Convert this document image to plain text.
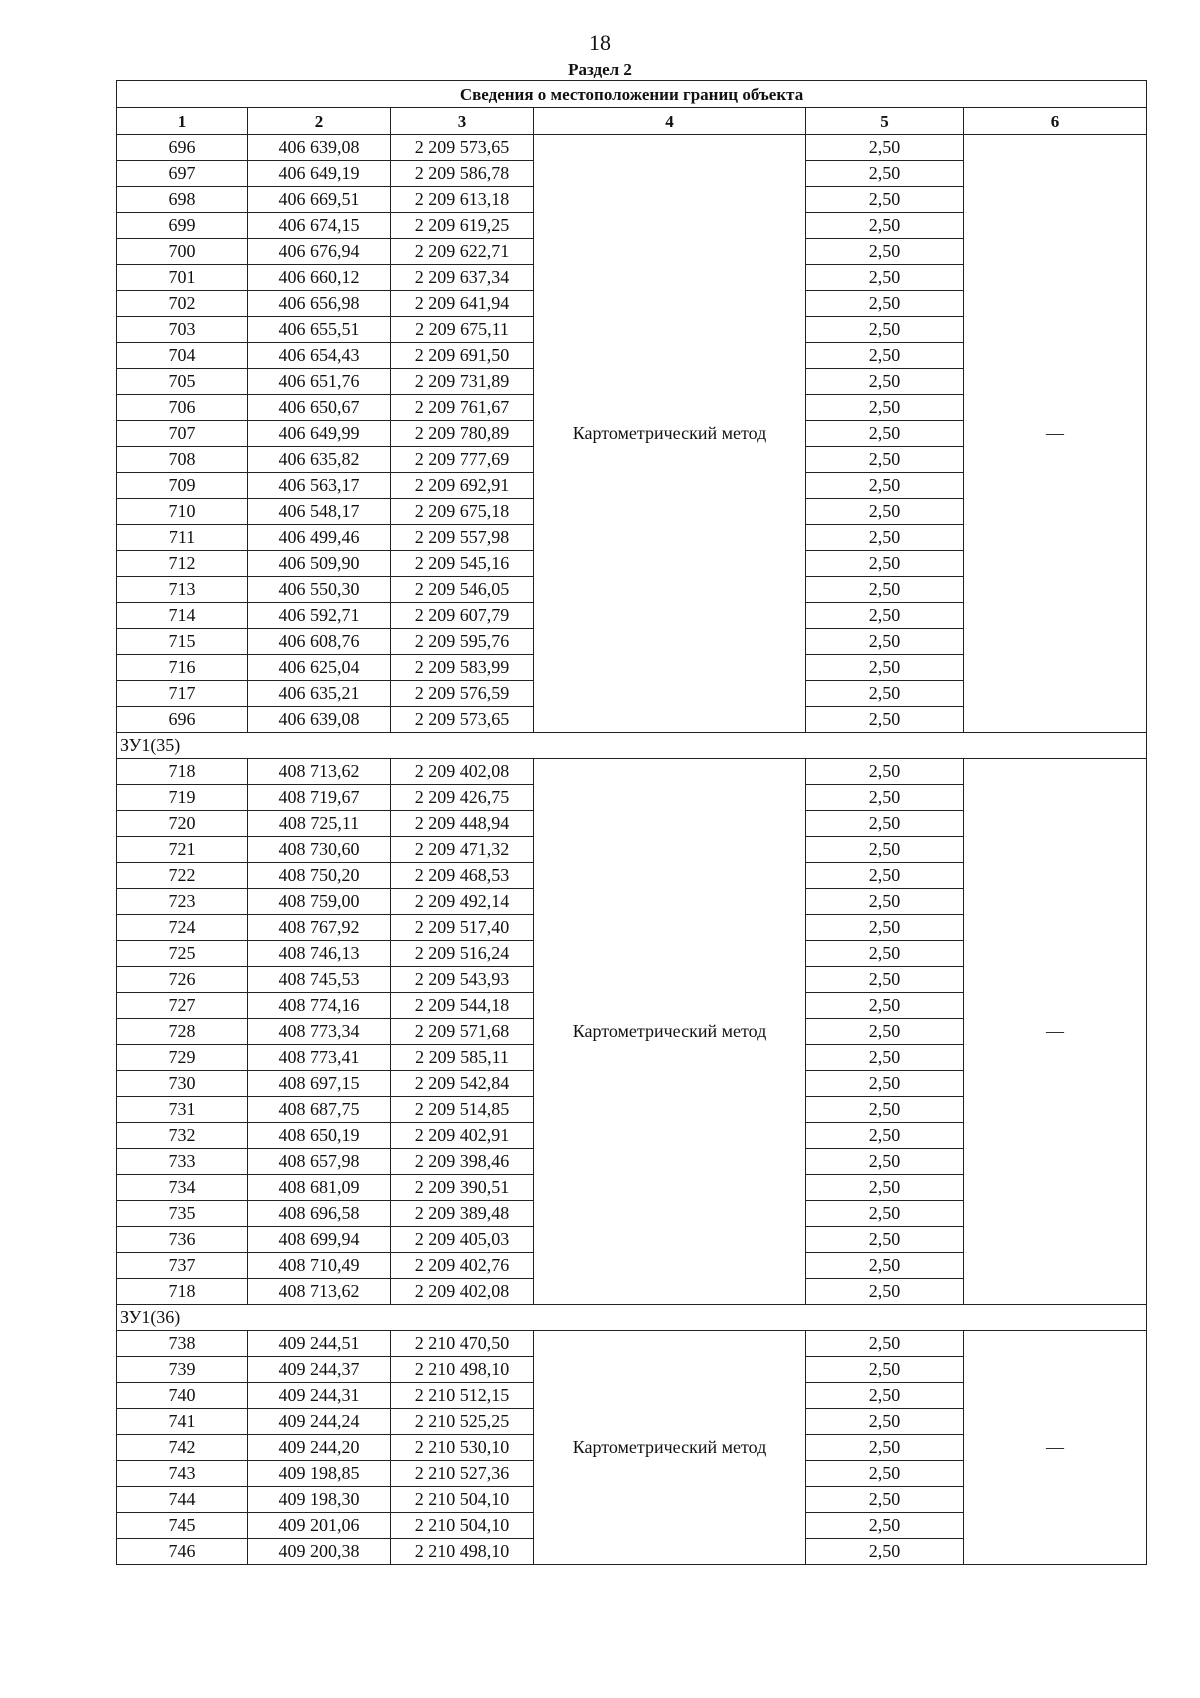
18
Раздел 2
Сведения о местоположении границ объекта					
1	2	3	4	5	6
696	406 639,08	2 209 573,65	Картометрический метод	2,50	—
697	406 649,19	2 209 586,78		2,50	
698	406 669,51	2 209 613,18		2,50	
699	406 674,15	2 209 619,25		2,50	
700	406 676,94	2 209 622,71		2,50	
701	406 660,12	2 209 637,34		2,50	
702	406 656,98	2 209 641,94		2,50	
703	406 655,51	2 209 675,11		2,50	
704	406 654,43	2 209 691,50		2,50	
705	406 651,76	2 209 731,89		2,50	
706	406 650,67	2 209 761,67		2,50	
707	406 649,99	2 209 780,89		2,50	
708	406 635,82	2 209 777,69		2,50	
709	406 563,17	2 209 692,91		2,50	
710	406 548,17	2 209 675,18		2,50	
711	406 499,46	2 209 557,98		2,50	
712	406 509,90	2 209 545,16		2,50	
713	406 550,30	2 209 546,05		2,50	
714	406 592,71	2 209 607,79		2,50	
715	406 608,76	2 209 595,76		2,50	
716	406 625,04	2 209 583,99		2,50	
717	406 635,21	2 209 576,59		2,50	
696	406 639,08	2 209 573,65		2,50	
ЗУ1(35)					
718	408 713,62	2 209 402,08	Картометрический метод	2,50	—
719	408 719,67	2 209 426,75		2,50	
720	408 725,11	2 209 448,94		2,50	
721	408 730,60	2 209 471,32		2,50	
722	408 750,20	2 209 468,53		2,50	
723	408 759,00	2 209 492,14		2,50	
724	408 767,92	2 209 517,40		2,50	
725	408 746,13	2 209 516,24		2,50	
726	408 745,53	2 209 543,93		2,50	
727	408 774,16	2 209 544,18		2,50	
728	408 773,34	2 209 571,68		2,50	
729	408 773,41	2 209 585,11		2,50	
730	408 697,15	2 209 542,84		2,50	
731	408 687,75	2 209 514,85		2,50	
732	408 650,19	2 209 402,91		2,50	
733	408 657,98	2 209 398,46		2,50	
734	408 681,09	2 209 390,51		2,50	
735	408 696,58	2 209 389,48		2,50	
736	408 699,94	2 209 405,03		2,50	
737	408 710,49	2 209 402,76		2,50	
718	408 713,62	2 209 402,08		2,50	
ЗУ1(36)					
738	409 244,51	2 210 470,50	Картометрический метод	2,50	—
739	409 244,37	2 210 498,10		2,50	
740	409 244,31	2 210 512,15		2,50	
741	409 244,24	2 210 525,25		2,50	
742	409 244,20	2 210 530,10		2,50	
743	409 198,85	2 210 527,36		2,50	
744	409 198,30	2 210 504,10		2,50	
745	409 201,06	2 210 504,10		2,50	
746	409 200,38	2 210 498,10		2,50	
